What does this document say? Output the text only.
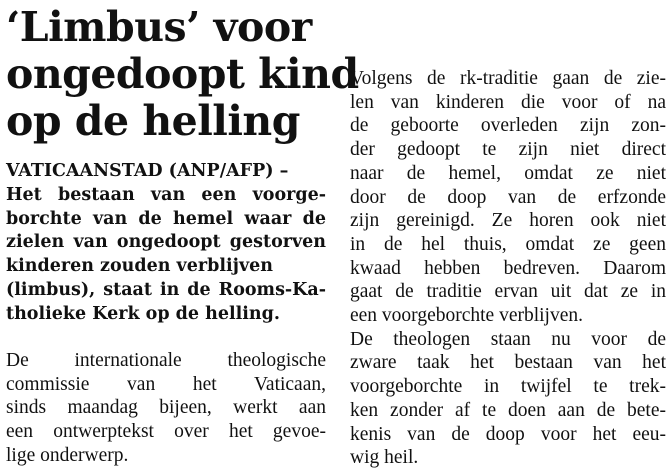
‘Limbus’ voor
ongedoopt kind
op de helling
VATICAANSTAD (ANP/AFP) –
Het bestaan van een voorge-
borchte van de hemel waar de
zielen van ongedoopt gestorven
kinderen zouden verblijven
(limbus), staat in de Rooms-Ka-
tholieke Kerk op de helling.
De internationale theologische
commissie van het Vaticaan,
sinds maandag bijeen, werkt aan
een ontwerptekst over het gevoe-
lige onderwerp.
Volgens de rk-traditie gaan de zie-
len van kinderen die voor of na
de geboorte overleden zijn zon-
der gedoopt te zijn niet direct
naar de hemel, omdat ze niet
door de doop van de erfzonde
zijn gereinigd. Ze horen ook niet
in de hel thuis, omdat ze geen
kwaad hebben bedreven. Daarom
gaat de traditie ervan uit dat ze in
een voorgeborchte verblijven.
De theologen staan nu voor de
zware taak het bestaan van het
voorgeborchte in twijfel te trek-
ken zonder af te doen aan de bete-
kenis van de doop voor het eeu-
wig heil.
